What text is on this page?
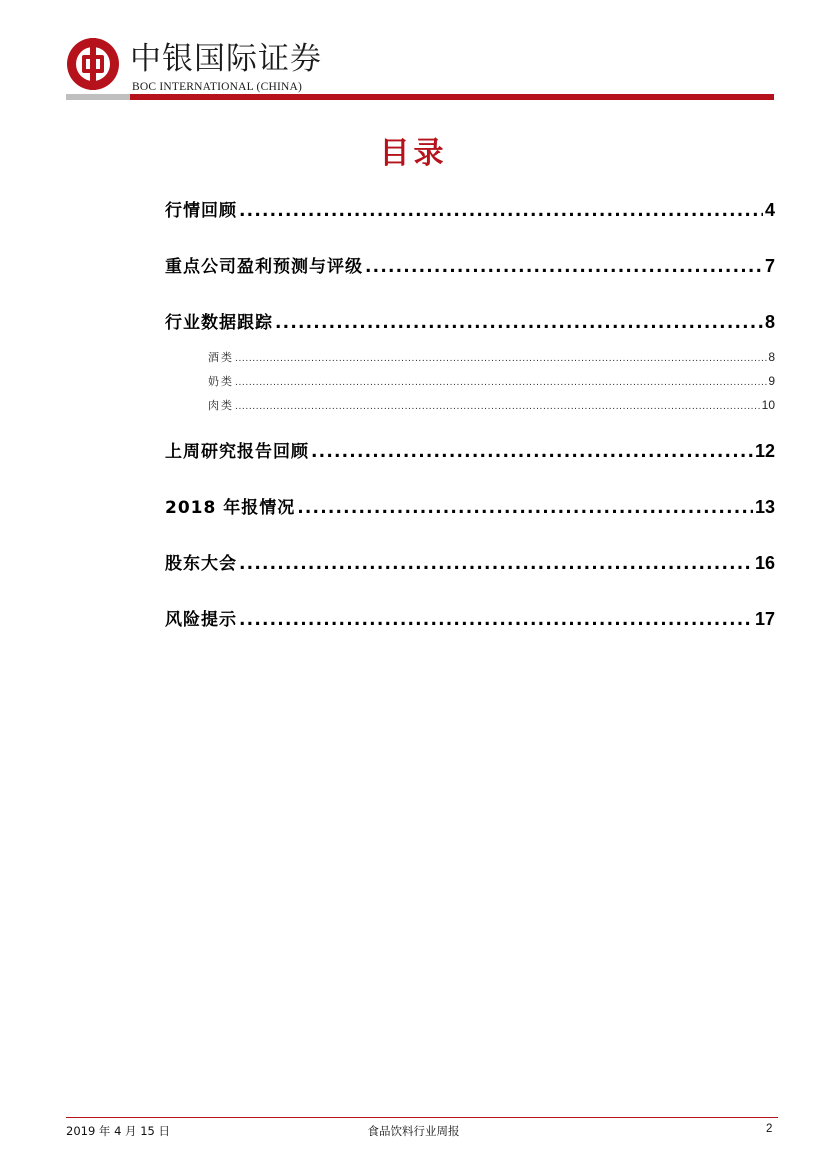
中银国际证券
BOC INTERNATIONAL (CHINA)
目录
行情回顾 .....	4
重点公司盈利预测与评级 .....	7
行业数据跟踪 .....	8
酒类 .....	8
奶类 .....	9
肉类 .....	10
上周研究报告回顾 .....	12
2018 年报情况 .....	13
股东大会 .....	16
风险提示 .....	17
2019 年 4 月 15 日	食品饮料行业周报	2
